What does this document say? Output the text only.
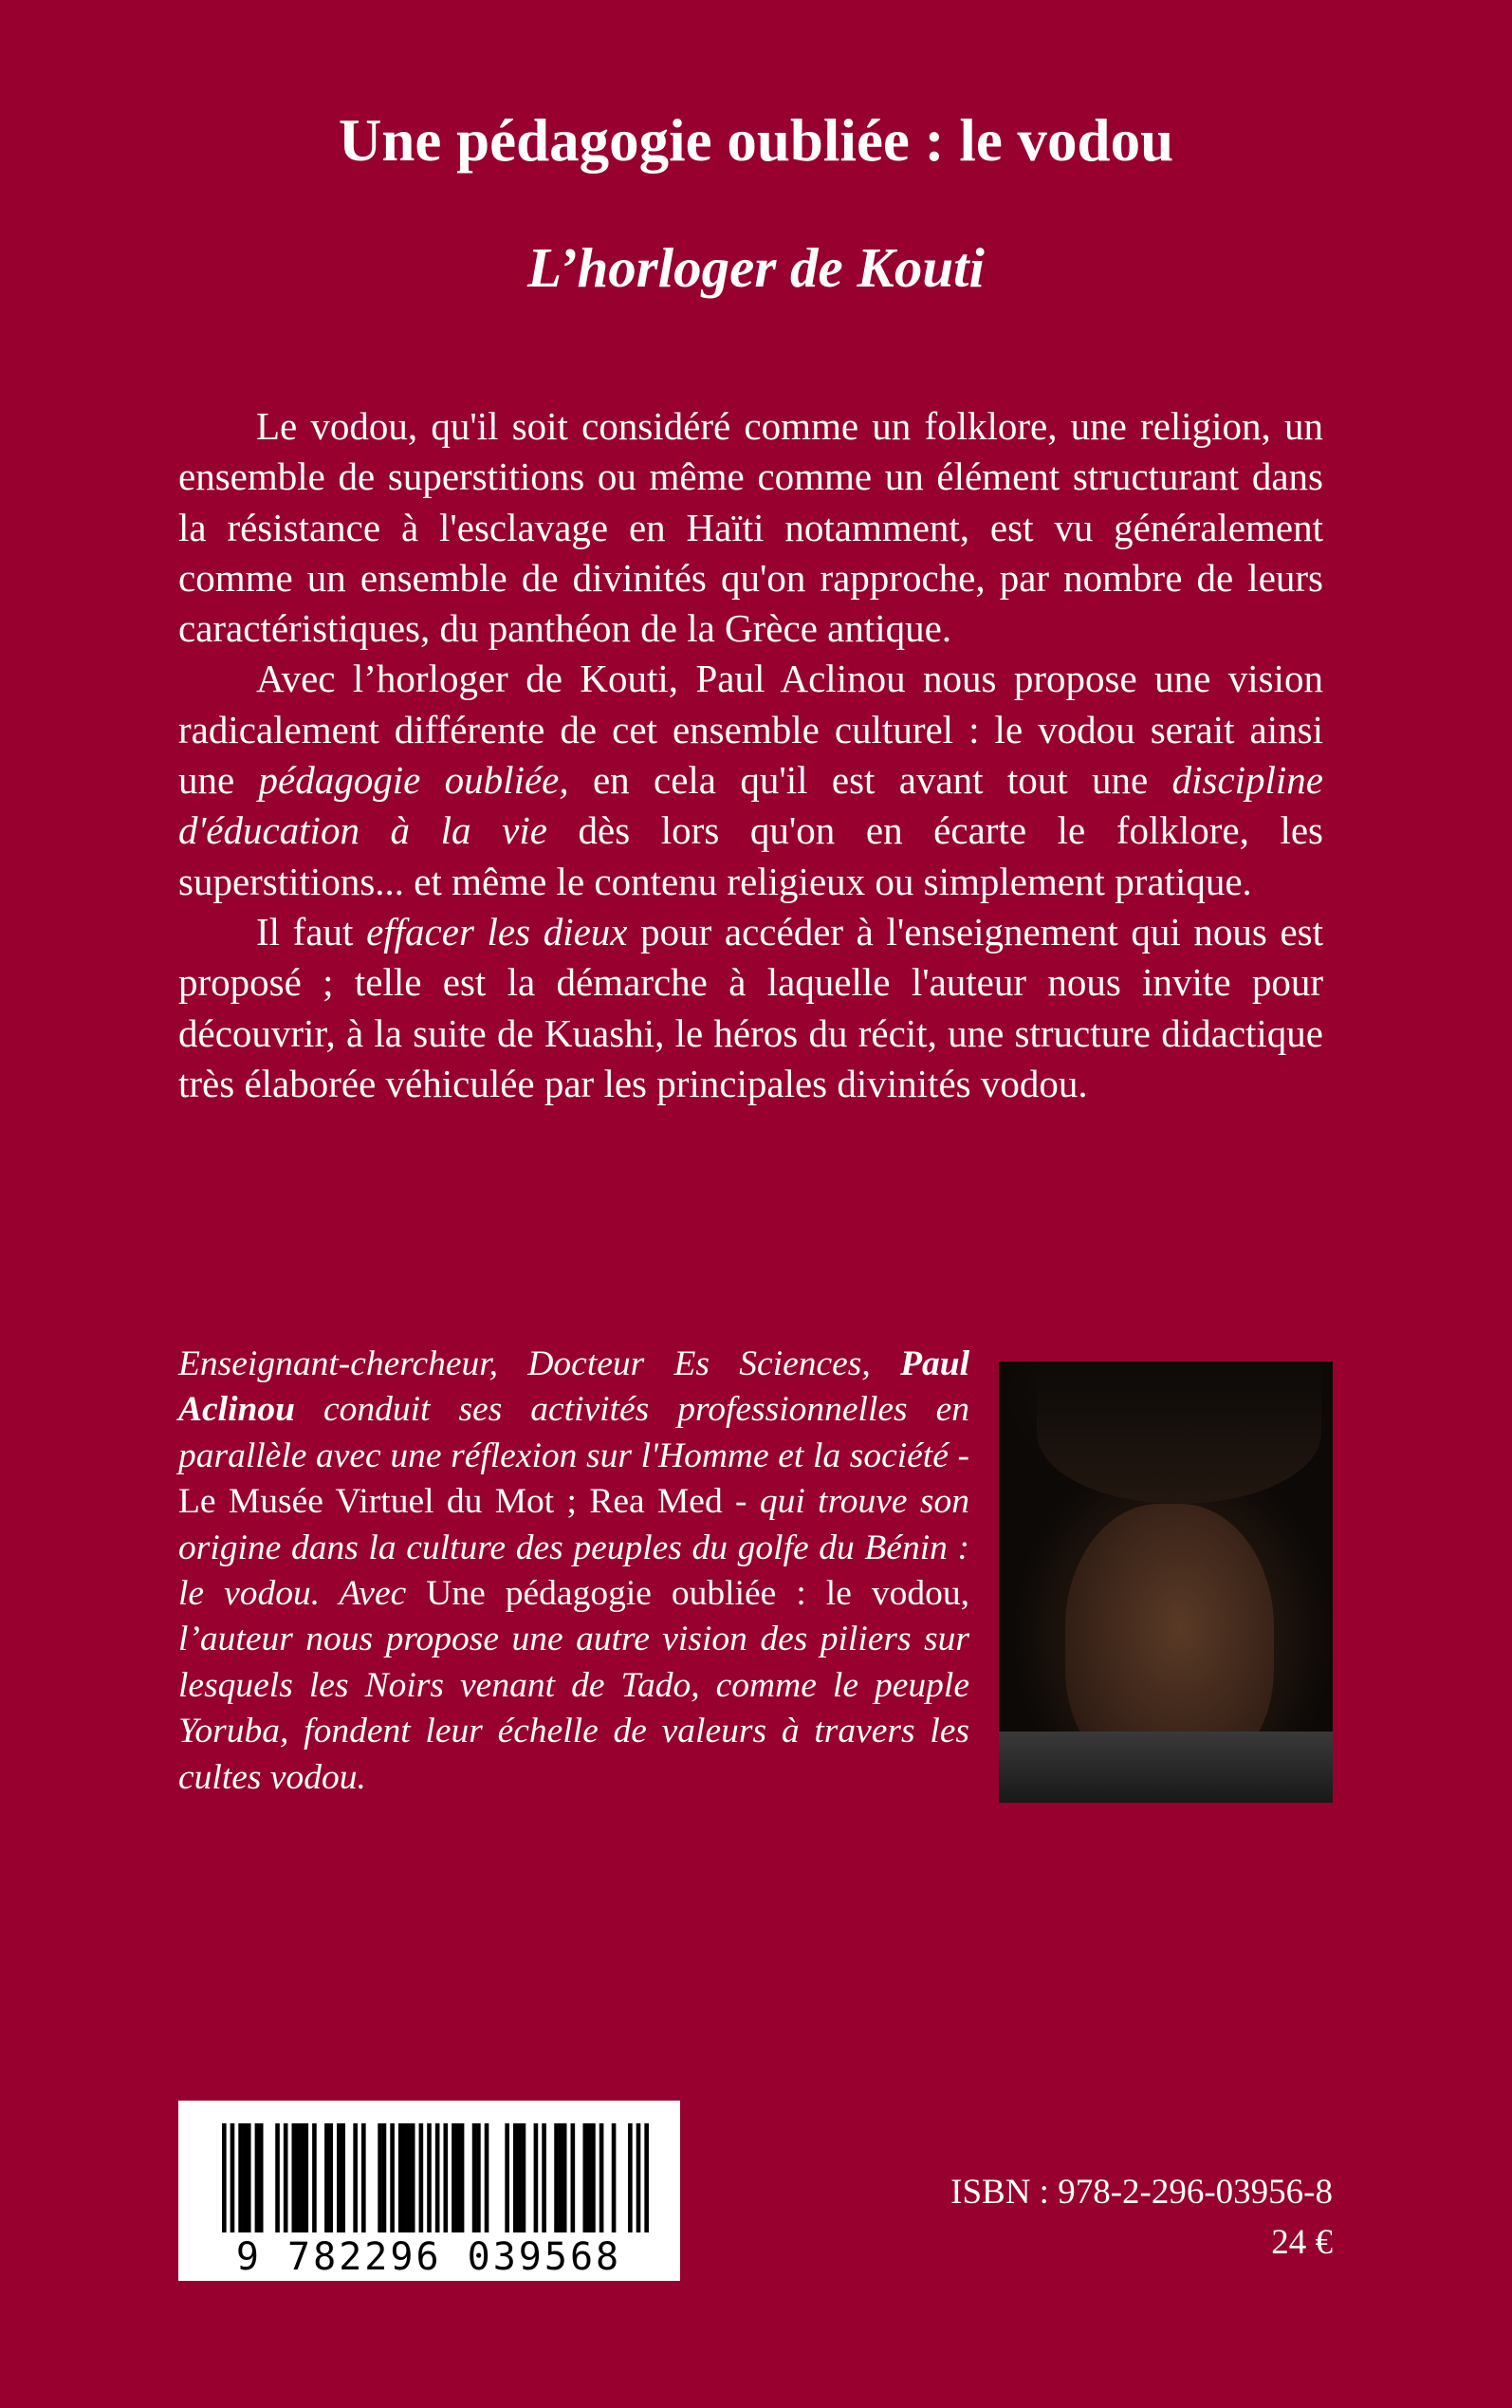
Une pédagogie oubliée : le vodou
L’horloger de Kouti

Le vodou, qu'il soit considéré comme un folklore, une religion, un ensemble de superstitions ou même comme un élément structurant dans la résistance à l'esclavage en Haïti notamment, est vu généralement comme un ensemble de divinités qu'on rapproche, par nombre de leurs caractéristiques, du panthéon de la Grèce antique.

Avec l’horloger de Kouti, Paul Aclinou nous propose une vision radicalement différente de cet ensemble culturel : le vodou serait ainsi une pédagogie oubliée, en cela qu'il est avant tout une discipline d'éducation à la vie dès lors qu'on en écarte le folklore, les superstitions... et même le contenu religieux ou simplement pratique.

Il faut effacer les dieux pour accéder à l'enseignement qui nous est proposé ; telle est la démarche à laquelle l'auteur nous invite pour découvrir, à la suite de Kuashi, le héros du récit, une structure didactique très élaborée véhiculée par les principales divinités vodou.

Enseignant-chercheur, Docteur Es Sciences, Paul Aclinou conduit ses activités professionnelles en parallèle avec une réflexion sur l'Homme et la société - Le Musée Virtuel du Mot ; Rea Med - qui trouve son origine dans la culture des peuples du golfe du Bénin : le vodou. Avec Une pédagogie oubliée : le vodou, l’auteur nous propose une autre vision des piliers sur lesquels les Noirs venant de Tado, comme le peuple Yoruba, fondent leur échelle de valeurs à travers les cultes vodou.
9 782296 039568

ISBN : 978-2-296-03956-8

24 €
